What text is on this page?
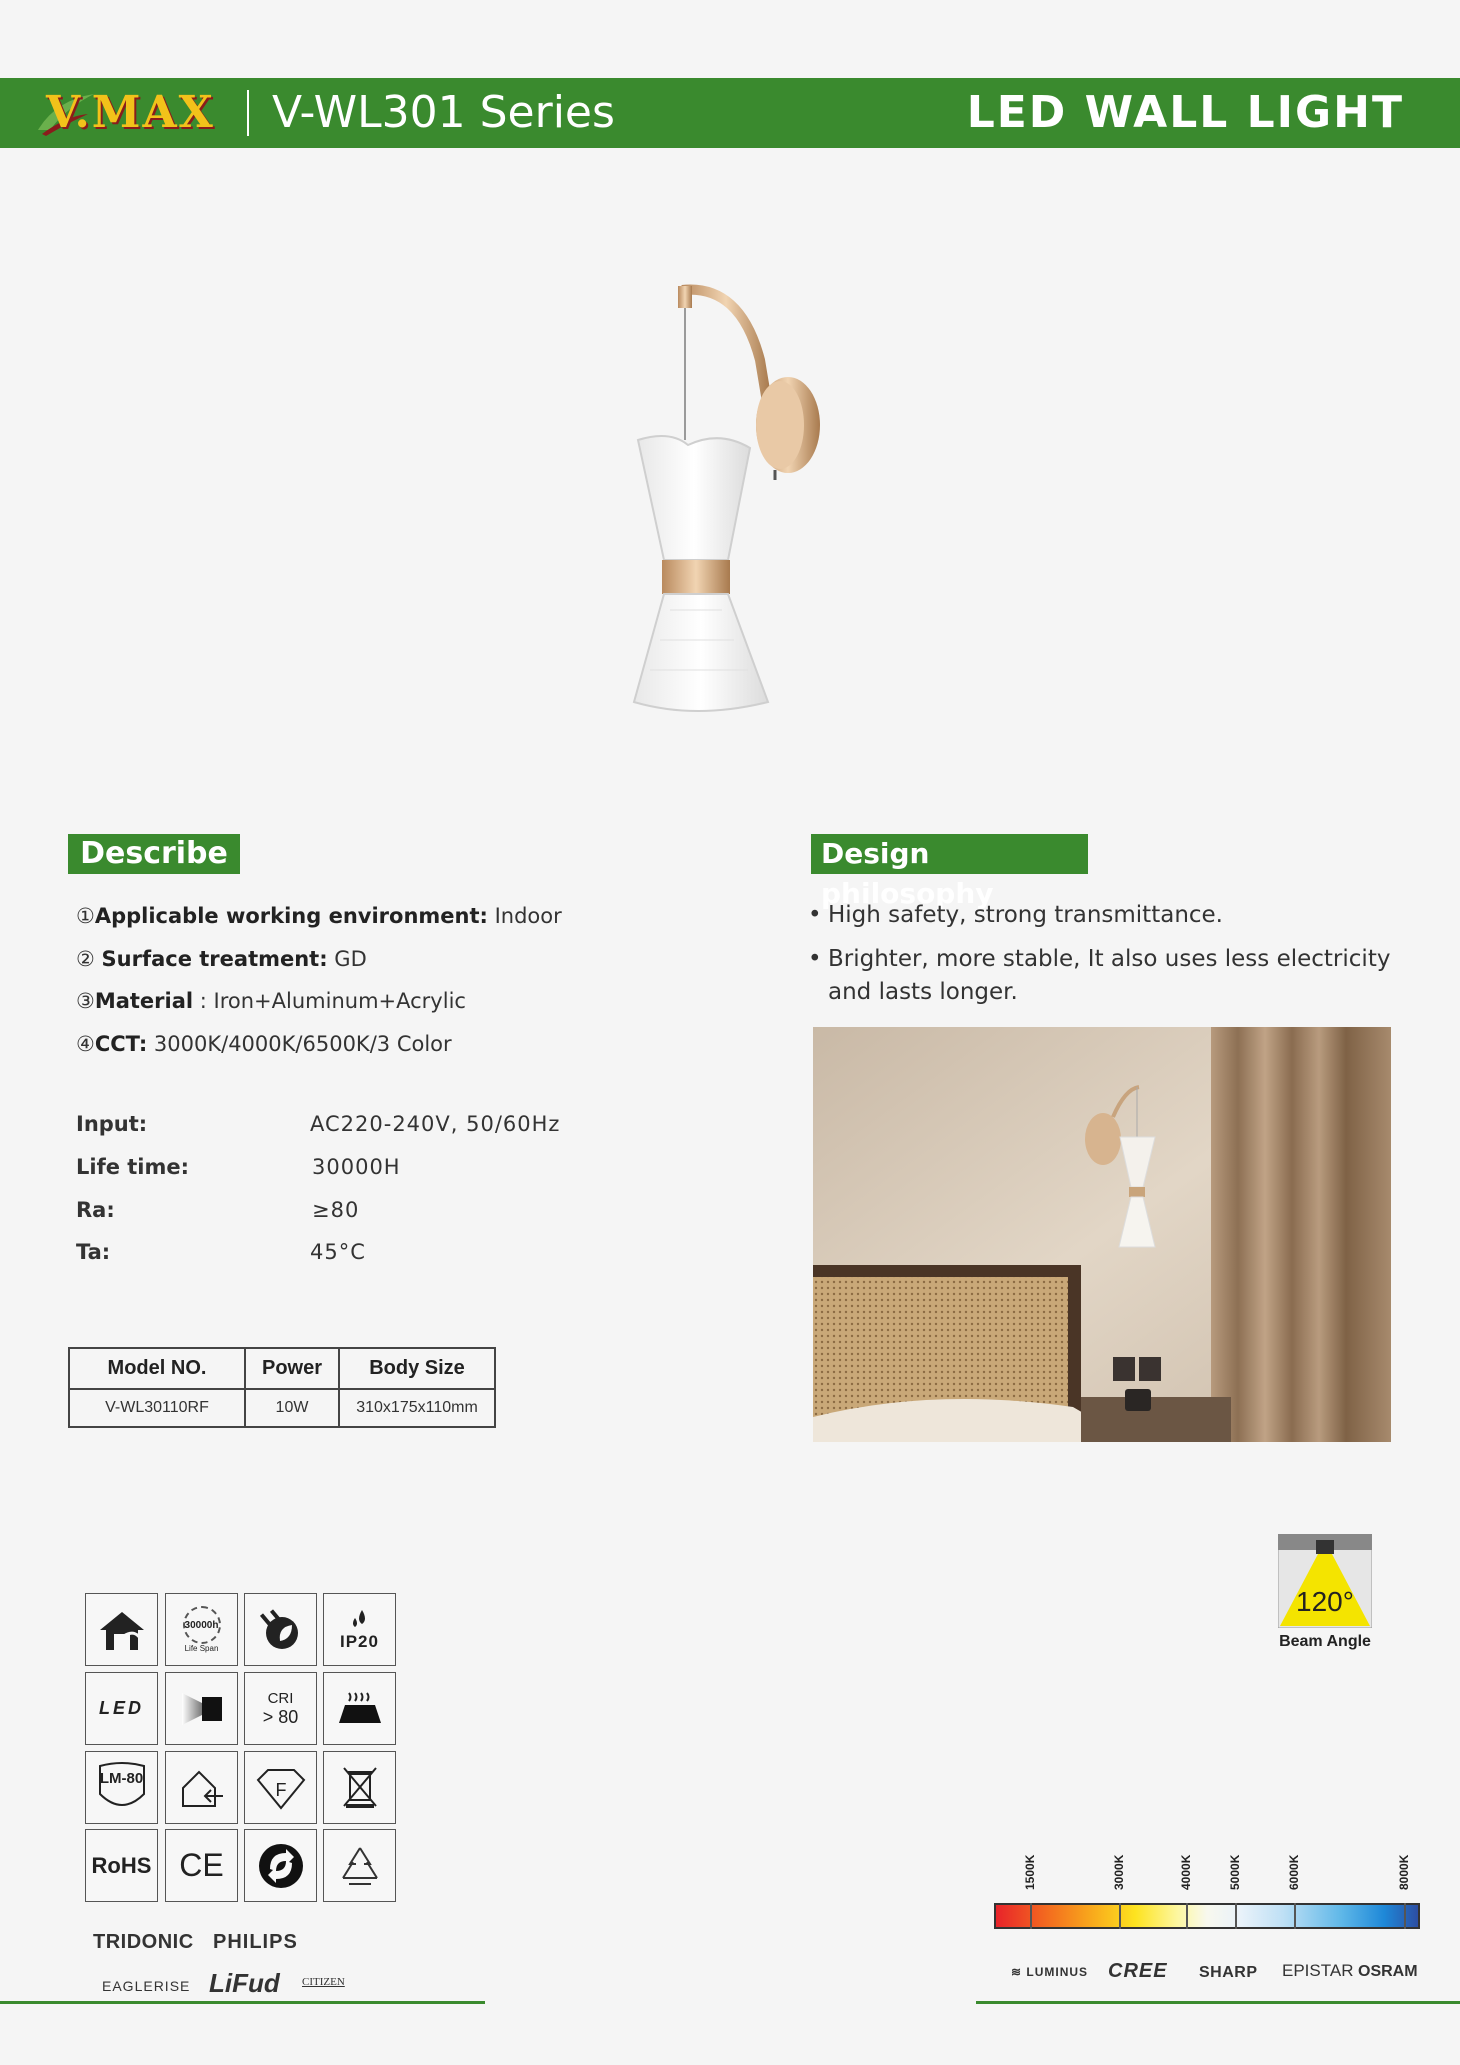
V.MAX V-WL301 Series	LED WALL LIGHT
Describe
①Applicable working environment: Indoor
② Surface treatment: GD
③Material : Iron+Aluminum+Acrylic
④CCT: 3000K/4000K/6500K/3 Color
Input:	AC220-240V, 50/60Hz
Life time:	30000H
Ra:	≥80
Ta:	45°C
Model NO.	Power	Body Size
V-WL30110RF	10W	310x175x110mm
Design philosophy
• High safety, strong transmittance.
• Brighter, more stable, It also uses less electricity
and lasts longer.
120°
Beam Angle
30000h
Life Span	IP20
LED	CRI
> 80
LM-80
F
RoHS CE
TRIDONIC PHILIPS
EAGLERISE LiFud CITIZEN
1500K	3000K	4000K	5000K	6000K	8000K
≋ LUMINUS CREE SHARP EPISTAR OSRAM
